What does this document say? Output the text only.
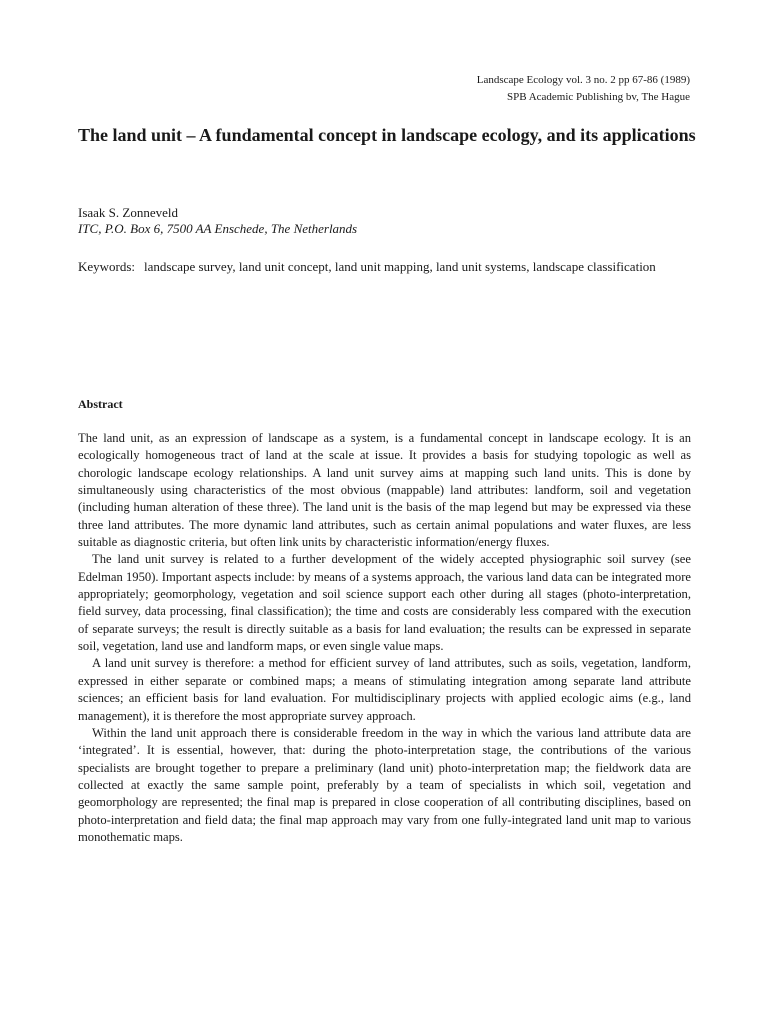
Landscape Ecology vol. 3 no. 2 pp 67-86 (1989)
SPB Academic Publishing bv, The Hague
The land unit – A fundamental concept in landscape ecology, and its applications
Isaak S. Zonneveld
ITC, P.O. Box 6, 7500 AA Enschede, The Netherlands
Keywords: landscape survey, land unit concept, land unit mapping, land unit systems, landscape classification
Abstract

The land unit, as an expression of landscape as a system, is a fundamental concept in landscape ecology. It is an ecologically homogeneous tract of land at the scale at issue. It provides a basis for studying topologic as well as chorologic landscape ecology relationships. A land unit survey aims at mapping such land units. This is done by simultaneously using characteristics of the most obvious (mappable) land attributes: landform, soil and vegetation (including human alteration of these three). The land unit is the basis of the map legend but may be expressed via these three land attributes. The more dynamic land attributes, such as certain animal populations and water fluxes, are less suitable as diagnostic criteria, but often link units by characteristic information/energy fluxes.

The land unit survey is related to a further development of the widely accepted physiographic soil survey (see Edelman 1950). Important aspects include: by means of a systems approach, the various land data can be integrated more appropriately; geomorphology, vegetation and soil science support each other during all stages (photo-interpretation, field survey, data processing, final classification); the time and costs are considerably less compared with the execution of separate surveys; the result is directly suitable as a basis for land evaluation; the results can be expressed in separate soil, vegetation, land use and landform maps, or even single value maps.

A land unit survey is therefore: a method for efficient survey of land attributes, such as soils, vegetation, landform, expressed in either separate or combined maps; a means of stimulating integration among separate land attribute sciences; an efficient basis for land evaluation. For multidisciplinary projects with applied ecologic aims (e.g., land management), it is therefore the most appropriate survey approach.

Within the land unit approach there is considerable freedom in the way in which the various land attribute data are ‘integrated’. It is essential, however, that: during the photo-interpretation stage, the contributions of the various specialists are brought together to prepare a preliminary (land unit) photo-interpretation map; the fieldwork data are collected at exactly the same sample point, preferably by a team of specialists in which soil, vegetation and geomorphology are represented; the final map is prepared in close cooperation of all contributing disciplines, based on photo-interpretation and field data; the final map approach may vary from one fully-integrated land unit map to various monothematic maps.
